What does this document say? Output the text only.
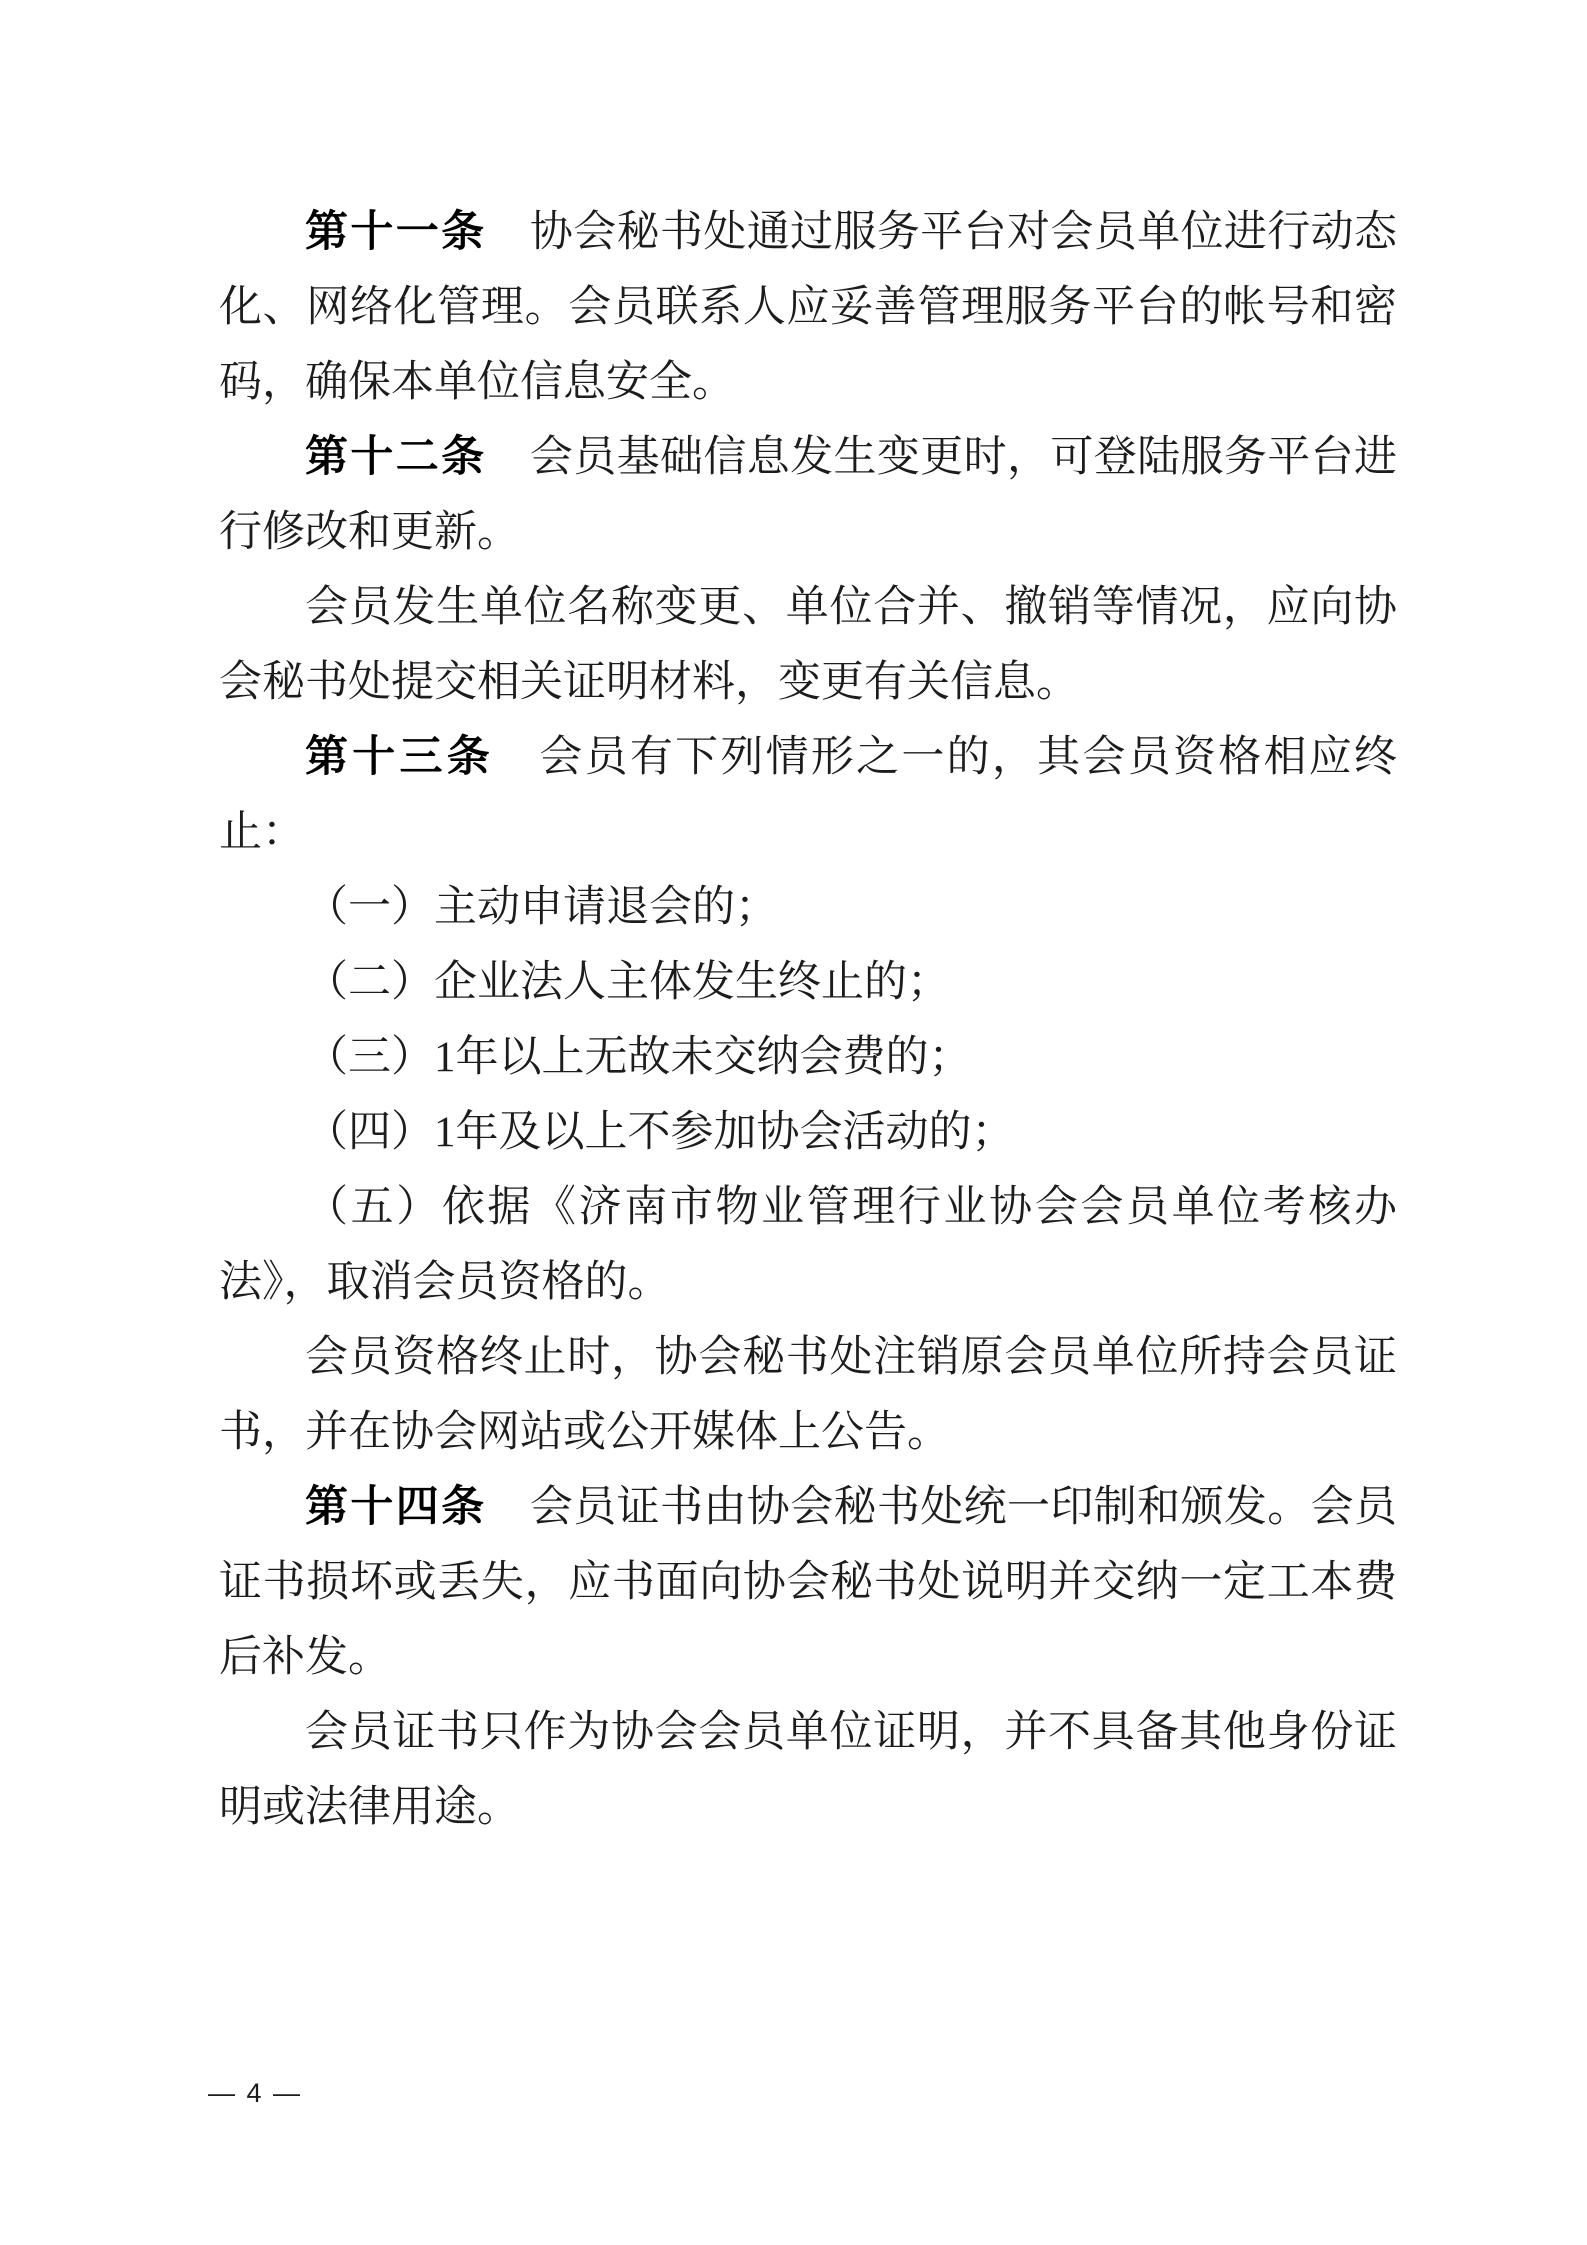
第十一条　协会秘书处通过服务平台对会员单位进行动态化、网络化管理。会员联系人应妥善管理服务平台的帐号和密码，确保本单位信息安全。

第十二条　会员基础信息发生变更时，可登陆服务平台进行修改和更新。

会员发生单位名称变更、单位合并、撤销等情况，应向协会秘书处提交相关证明材料，变更有关信息。

第十三条　会员有下列情形之一的，其会员资格相应终止：

（一）主动申请退会的；

（二）企业法人主体发生终止的；

（三）1年以上无故未交纳会费的；

（四）1年及以上不参加协会活动的；

（五）依据《济南市物业管理行业协会会员单位考核办法》，取消会员资格的。

会员资格终止时，协会秘书处注销原会员单位所持会员证书，并在协会网站或公开媒体上公告。

第十四条　会员证书由协会秘书处统一印制和颁发。会员证书损坏或丢失，应书面向协会秘书处说明并交纳一定工本费后补发。

会员证书只作为协会会员单位证明，并不具备其他身份证明或法律用途。

— 4 —
